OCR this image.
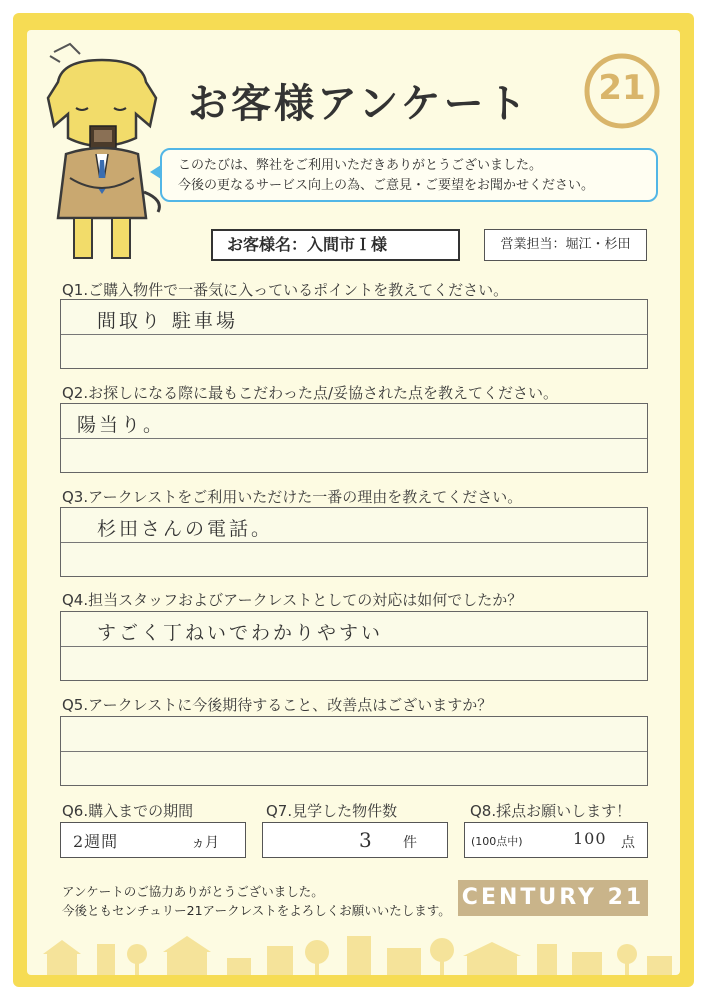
お客様アンケート 21
このたびは、弊社をご利用いただきありがとうございました。
今後の更なるサービス向上の為、ご意見・ご要望をお聞かせください。
お客様名：入間市Ｉ様	営業担当：堀江・杉田
Q1.ご購入物件で一番気に入っているポイントを教えてください。
間取り 駐車場
Q2.お探しになる際に最もこだわった点/妥協された点を教えてください。
陽当り。
Q3.アークレストをご利用いただけた一番の理由を教えてください。
杉田さんの電話。
Q4.担当スタッフおよびアークレストとしての対応は如何でしたか？
すごく丁ねいでわかりやすい
Q5.アークレストに今後期待すること、改善点はございますか？
Q6.購入までの期間	Q7.見学した物件数	Q8.採点お願いします！
2週間	ヵ月	3 件	(100点中)	100 点
アンケートのご協力ありがとうございました。
今後ともセンチュリー21アークレストをよろしくお願いいたします。
CENTURY 21
